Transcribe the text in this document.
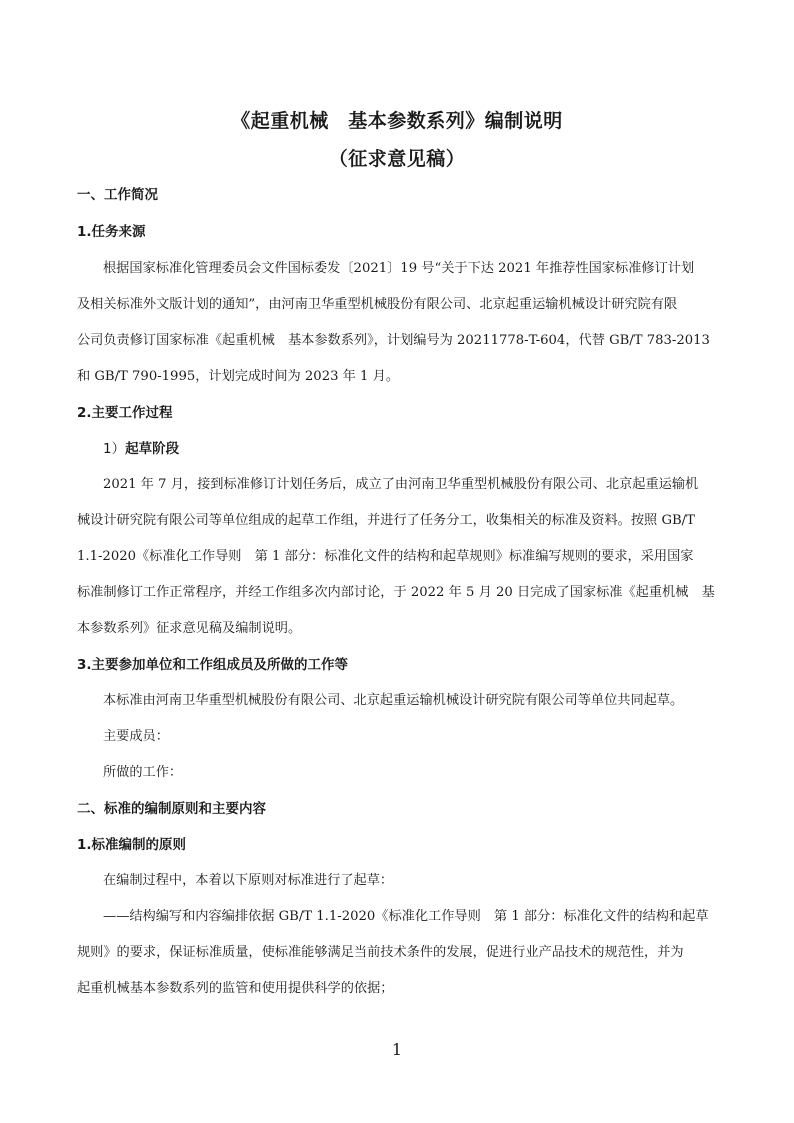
《起重机械　基本参数系列》编制说明
（征求意见稿）
一、工作简况
1.任务来源
根据国家标准化管理委员会文件国标委发〔2021〕19 号“关于下达 2021 年推荐性国家标准修订计划
及相关标准外文版计划的通知”，由河南卫华重型机械股份有限公司、北京起重运输机械设计研究院有限
公司负责修订国家标准《起重机械　基本参数系列》，计划编号为 20211778-T-604，代替 GB/T 783-2013
和 GB/T 790-1995，计划完成时间为 2023 年 1 月。
2.主要工作过程
1）起草阶段
2021 年 7 月，接到标准修订计划任务后，成立了由河南卫华重型机械股份有限公司、北京起重运输机
械设计研究院有限公司等单位组成的起草工作组，并进行了任务分工，收集相关的标准及资料。按照 GB/T
1.1-2020《标准化工作导则　第 1 部分：标准化文件的结构和起草规则》标准编写规则的要求，采用国家
标准制修订工作正常程序，并经工作组多次内部讨论，于 2022 年 5 月 20 日完成了国家标准《起重机械　基
本参数系列》征求意见稿及编制说明。
3.主要参加单位和工作组成员及所做的工作等
本标准由河南卫华重型机械股份有限公司、北京起重运输机械设计研究院有限公司等单位共同起草。
主要成员：
所做的工作：
二、标准的编制原则和主要内容
1.标准编制的原则
在编制过程中，本着以下原则对标准进行了起草：
——结构编写和内容编排依据 GB/T 1.1-2020《标准化工作导则　第 1 部分：标准化文件的结构和起草
规则》的要求，保证标准质量，使标准能够满足当前技术条件的发展，促进行业产品技术的规范性，并为
起重机械基本参数系列的监管和使用提供科学的依据；
1
